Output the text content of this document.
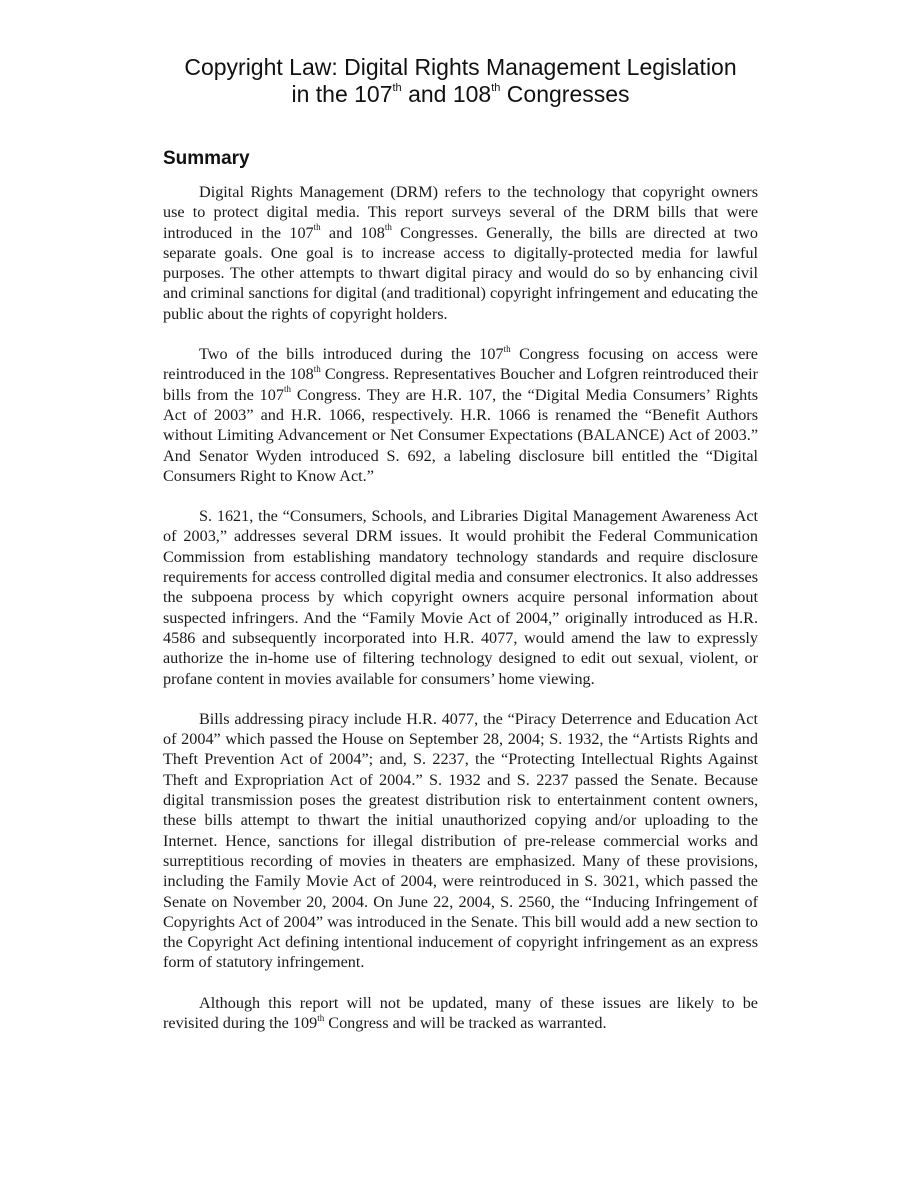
Copyright Law: Digital Rights Management Legislation
in the 107th and 108th Congresses
Summary

Digital Rights Management (DRM) refers to the technology that copyright owners use to protect digital media. This report surveys several of the DRM bills that were introduced in the 107th and 108th Congresses. Generally, the bills are directed at two separate goals. One goal is to increase access to digitally-protected media for lawful purposes. The other attempts to thwart digital piracy and would do so by enhancing civil and criminal sanctions for digital (and traditional) copyright infringement and educating the public about the rights of copyright holders.

Two of the bills introduced during the 107th Congress focusing on access were reintroduced in the 108th Congress. Representatives Boucher and Lofgren reintroduced their bills from the 107th Congress. They are H.R. 107, the “Digital Media Consumers’ Rights Act of 2003” and H.R. 1066, respectively. H.R. 1066 is renamed the “Benefit Authors without Limiting Advancement or Net Consumer Expectations (BALANCE) Act of 2003.” And Senator Wyden introduced S. 692, a labeling disclosure bill entitled the “Digital Consumers Right to Know Act.”

S. 1621, the “Consumers, Schools, and Libraries Digital Management Awareness Act of 2003,” addresses several DRM issues. It would prohibit the Federal Communication Commission from establishing mandatory technology standards and require disclosure requirements for access controlled digital media and consumer electronics. It also addresses the subpoena process by which copyright owners acquire personal information about suspected infringers. And the “Family Movie Act of 2004,” originally introduced as H.R. 4586 and subsequently incorporated into H.R. 4077, would amend the law to expressly authorize the in-home use of filtering technology designed to edit out sexual, violent, or profane content in movies available for consumers’ home viewing.

Bills addressing piracy include H.R. 4077, the “Piracy Deterrence and Education Act of 2004” which passed the House on September 28, 2004; S. 1932, the “Artists Rights and Theft Prevention Act of 2004”; and, S. 2237, the “Protecting Intellectual Rights Against Theft and Expropriation Act of 2004.” S. 1932 and S. 2237 passed the Senate. Because digital transmission poses the greatest distribution risk to entertainment content owners, these bills attempt to thwart the initial unauthorized copying and/or uploading to the Internet. Hence, sanctions for illegal distribution of pre-release commercial works and surreptitious recording of movies in theaters are emphasized. Many of these provisions, including the Family Movie Act of 2004, were reintroduced in S. 3021, which passed the Senate on November 20, 2004. On June 22, 2004, S. 2560, the “Inducing Infringement of Copyrights Act of 2004” was introduced in the Senate. This bill would add a new section to the Copyright Act defining intentional inducement of copyright infringement as an express form of statutory infringement.

Although this report will not be updated, many of these issues are likely to be revisited during the 109th Congress and will be tracked as warranted.
